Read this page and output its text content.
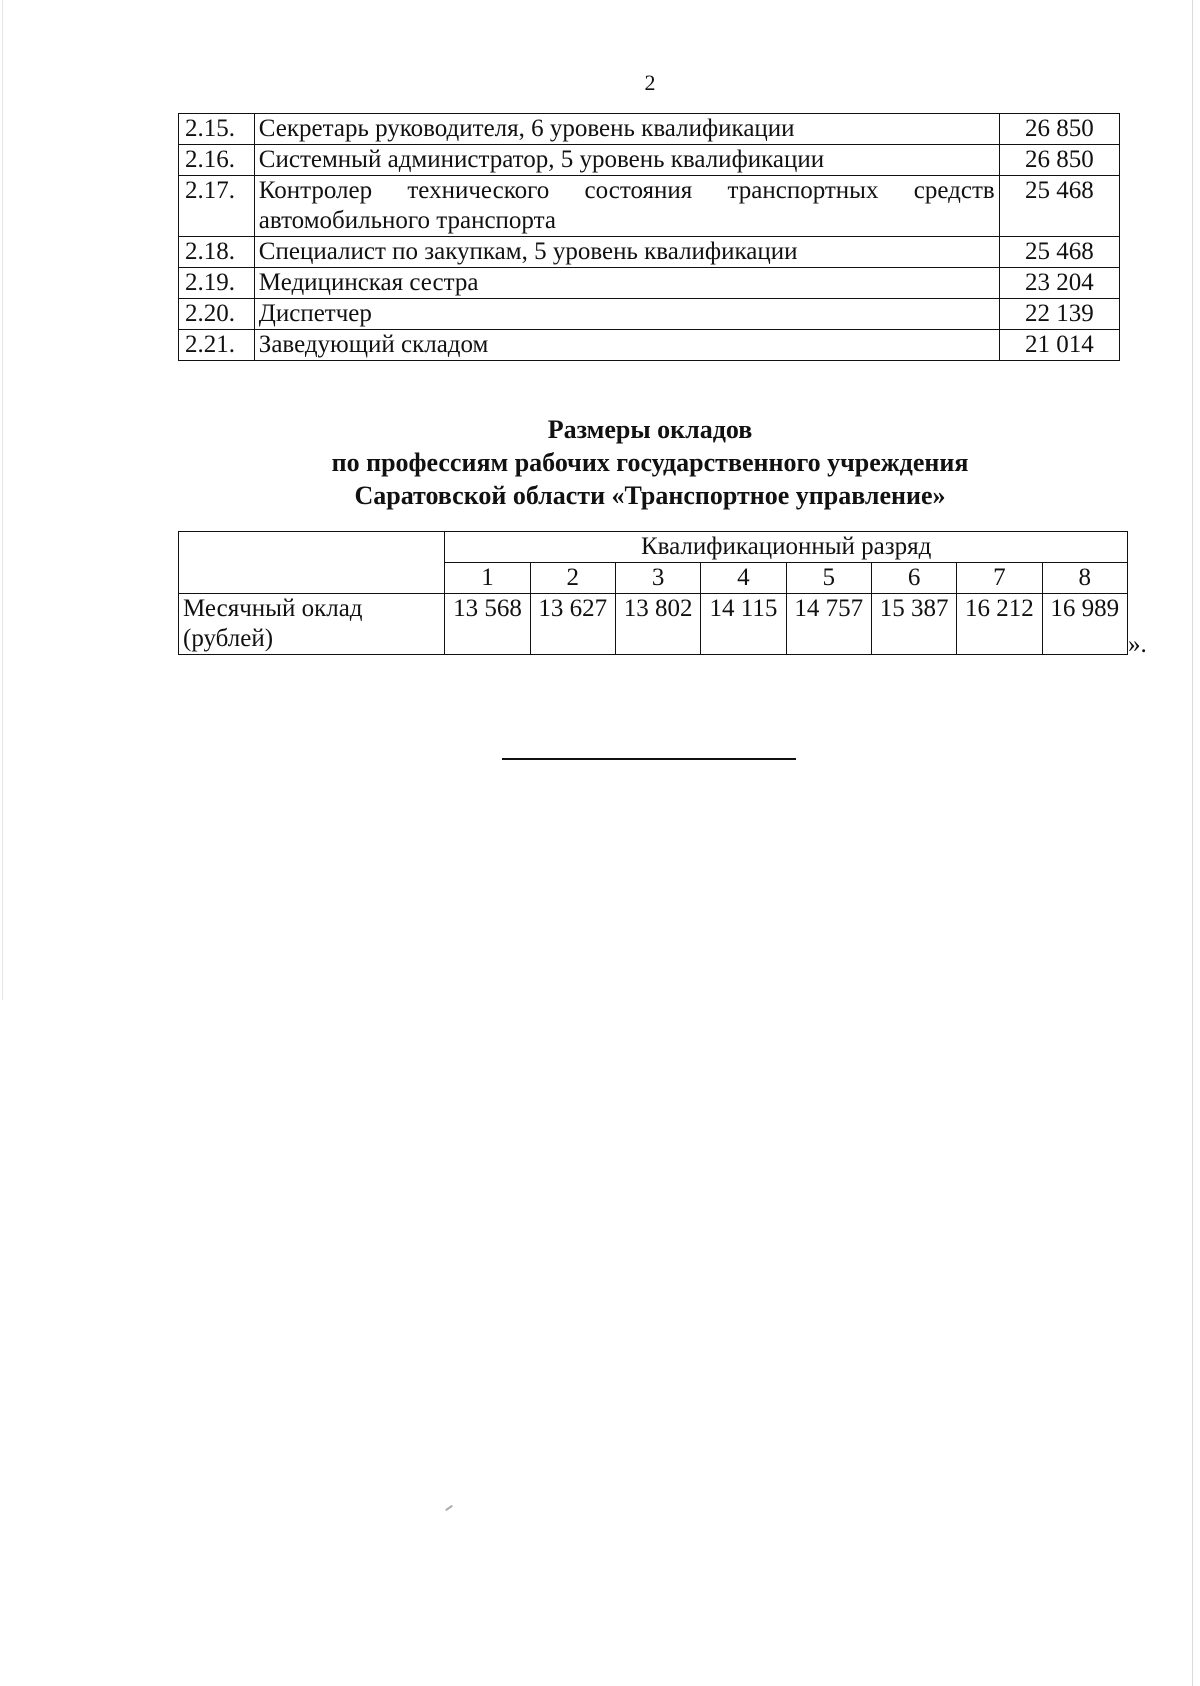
2
2.15.	Секретарь руководителя, 6 уровень квалификации	26 850
2.16.	Системный администратор, 5 уровень квалификации	26 850
2.17.	Контролер технического состояния транспортных средств автомобильного транспорта	25 468
2.18.	Специалист по закупкам, 5 уровень квалификации	25 468
2.19.	Медицинская сестра	23 204
2.20.	Диспетчер	22 139
2.21.	Заведующий складом	21 014
Размеры окладов
по профессиям рабочих государственного учреждения
Саратовской области «Транспортное управление»
	Квалификационный разряд							
	1	2	3	4	5	6	7	8
Месячный оклад (рублей)	13 568	13 627	13 802	14 115	14 757	15 387	16 212	16 989
».
